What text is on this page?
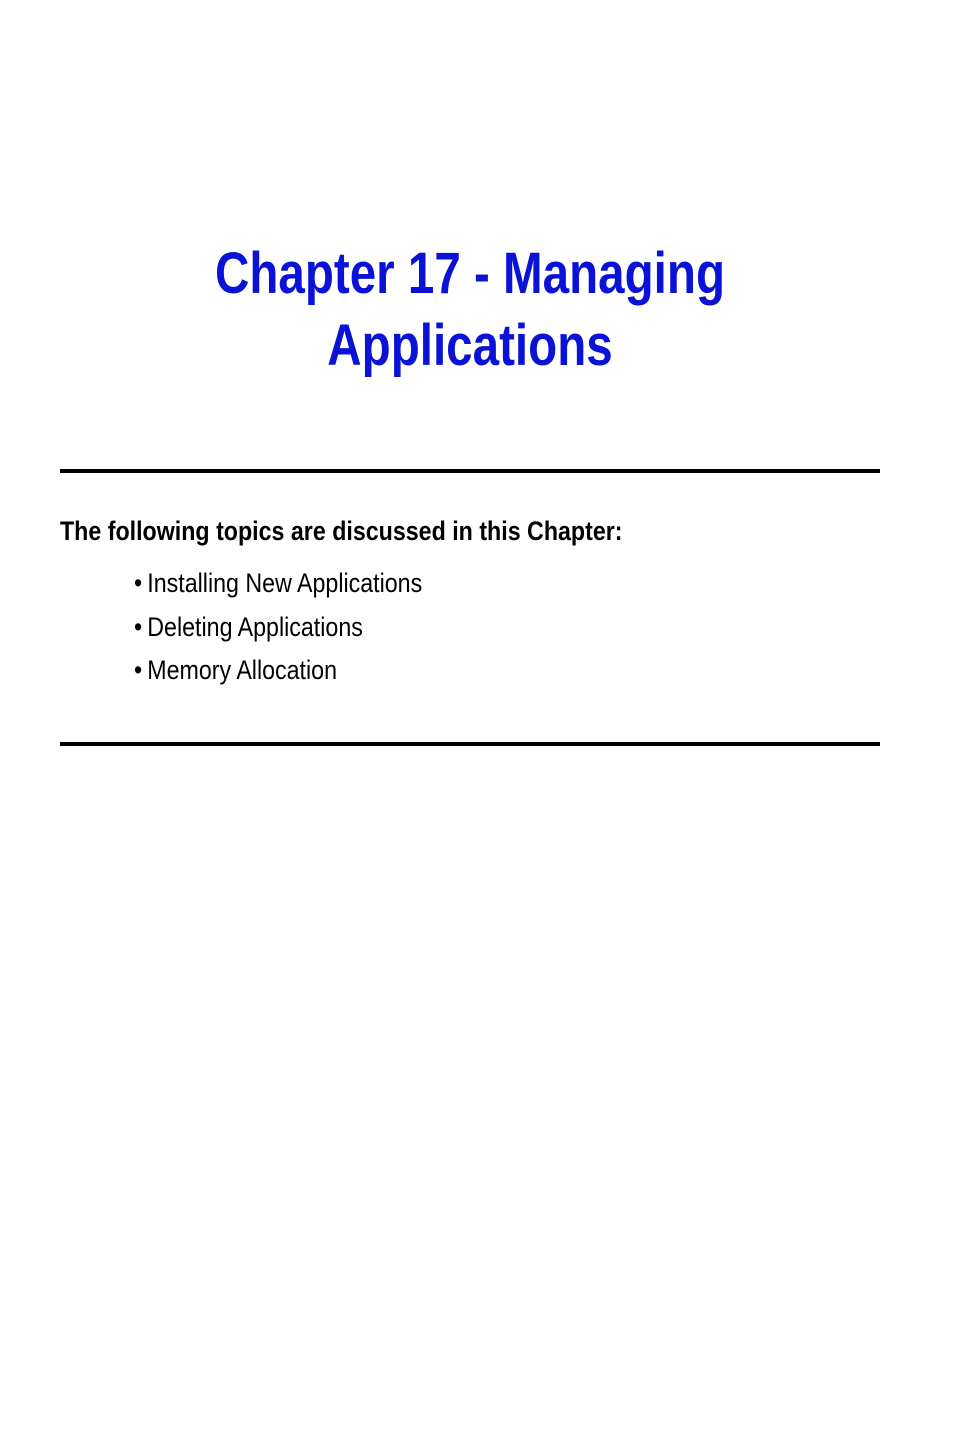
Chapter 17 - Managing
Applications

The following topics are discussed in this Chapter:

• Installing New Applications
• Deleting Applications
• Memory Allocation
